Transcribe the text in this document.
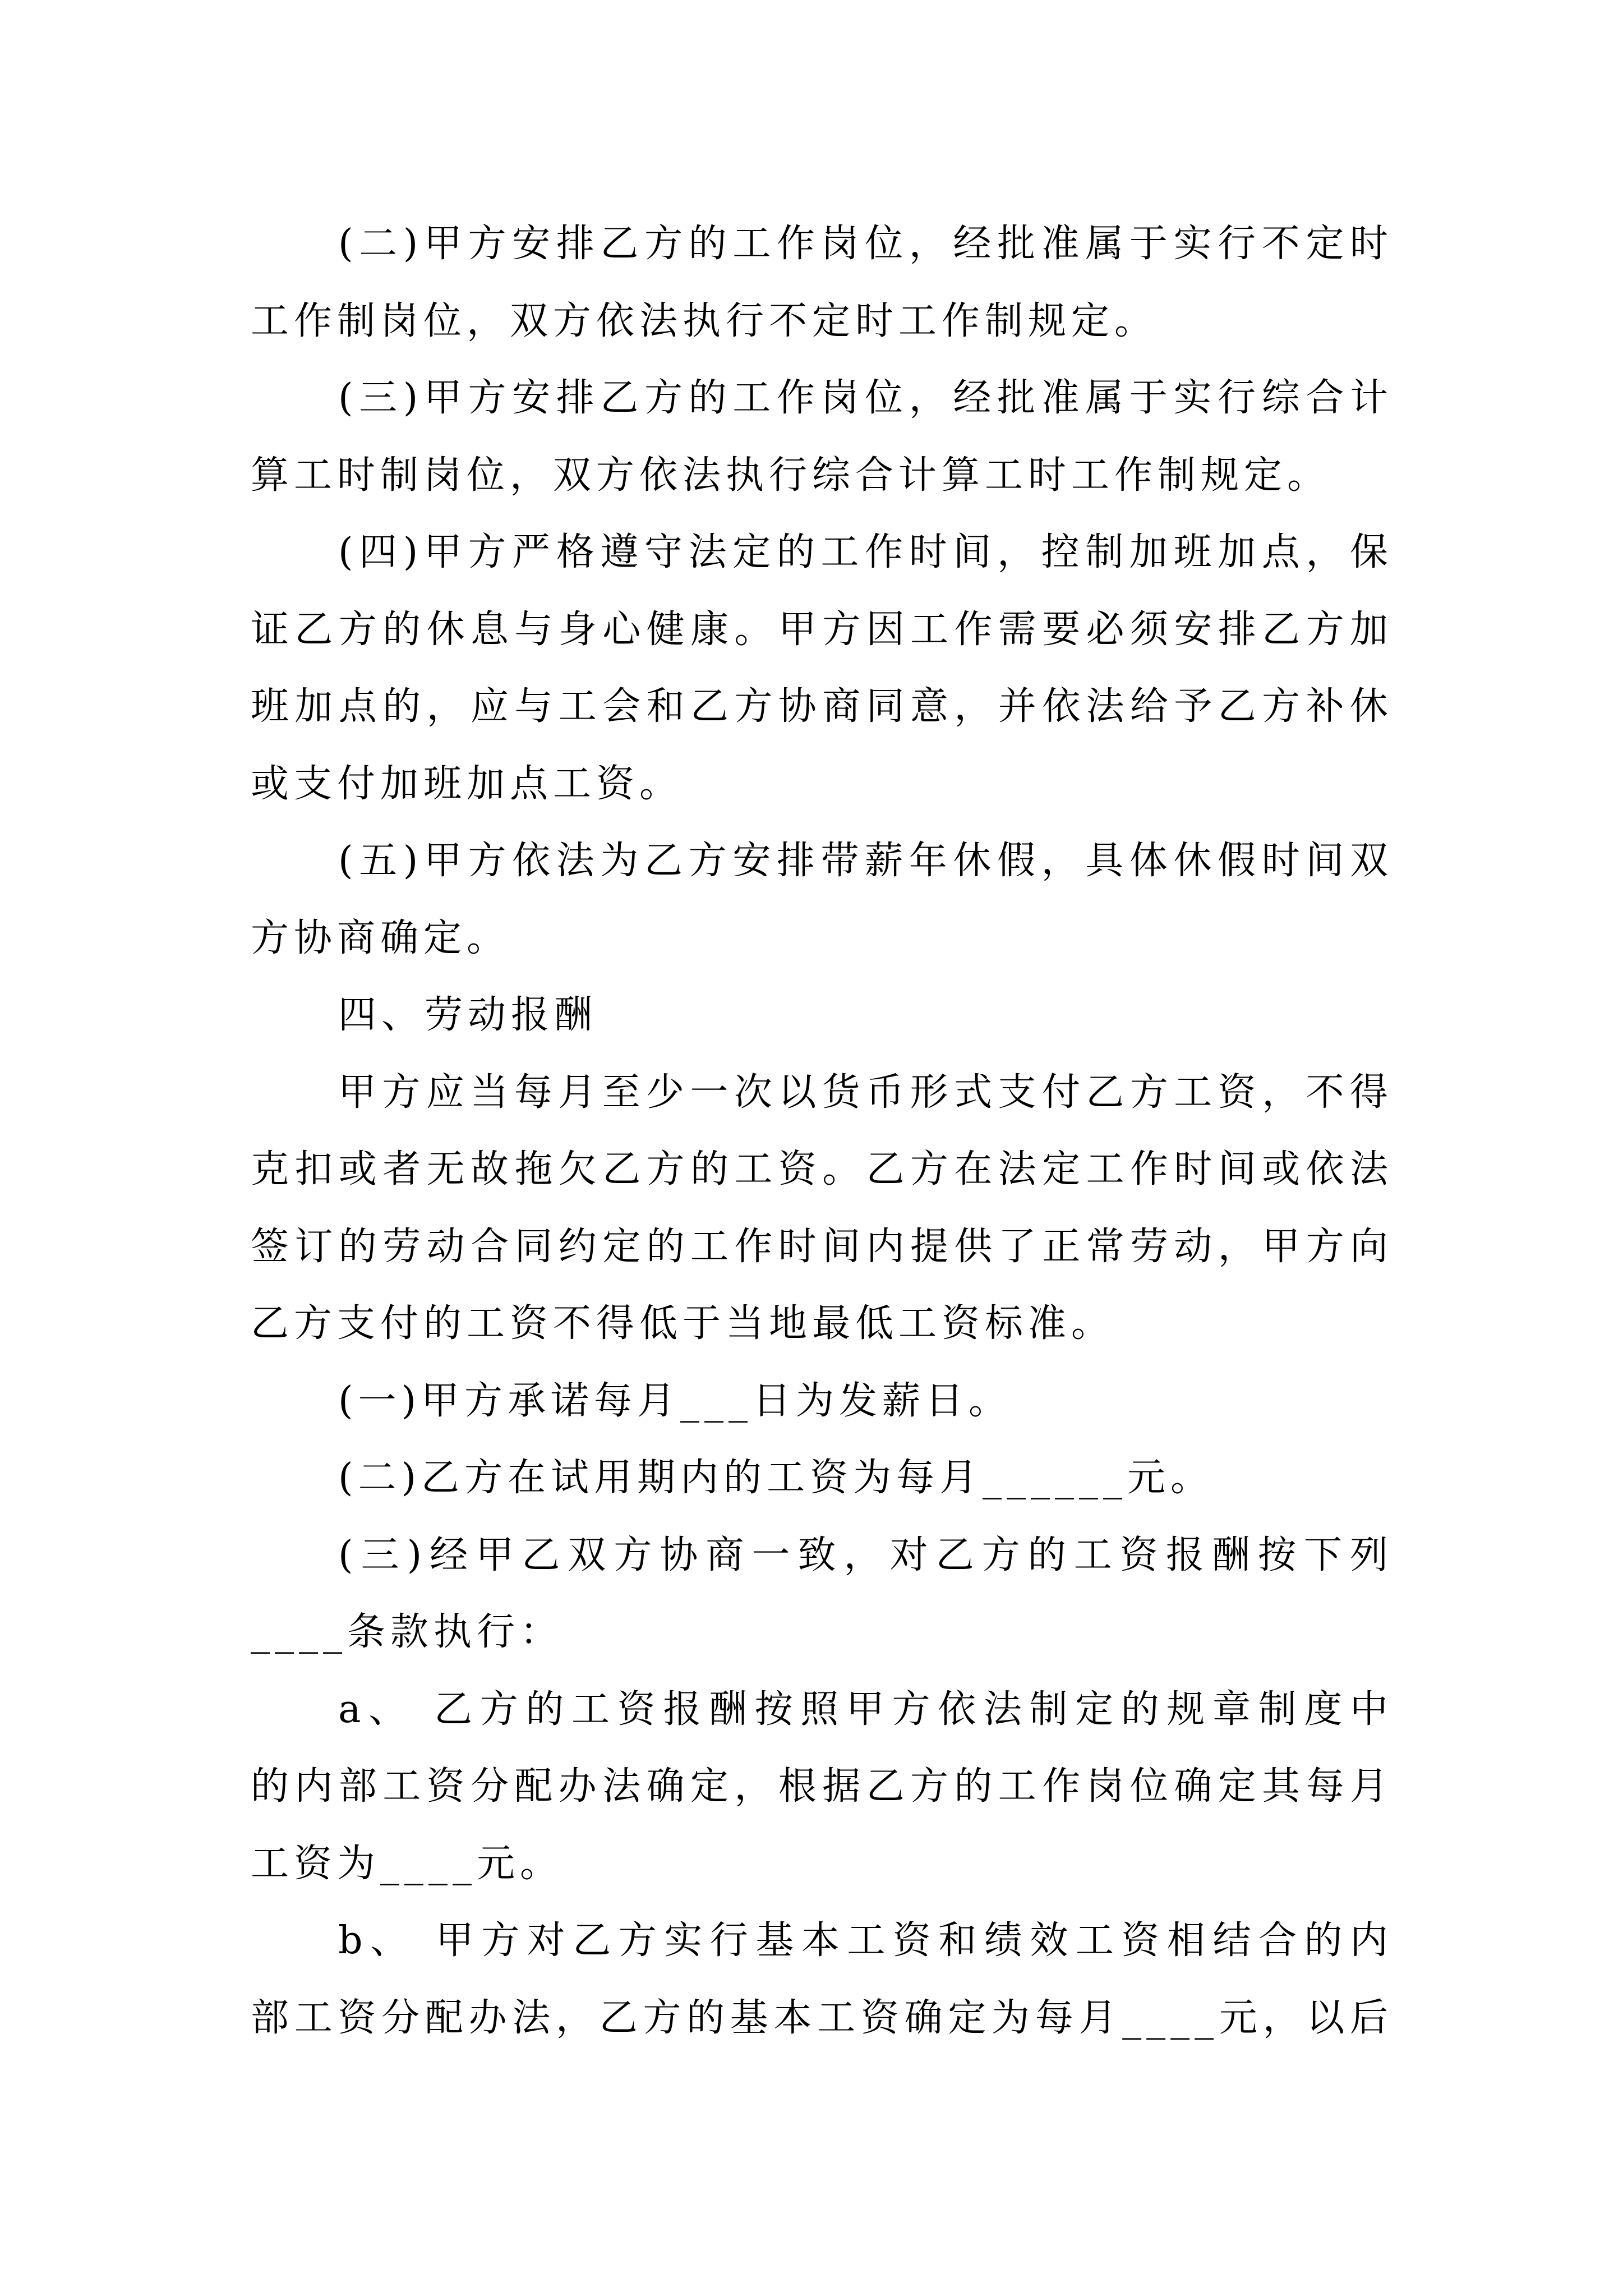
(二)甲方安排乙方的工作岗位，经批准属于实行不定时
工作制岗位，双方依法执行不定时工作制规定。
(三)甲方安排乙方的工作岗位，经批准属于实行综合计
算工时制岗位，双方依法执行综合计算工时工作制规定。
(四)甲方严格遵守法定的工作时间，控制加班加点，保
证乙方的休息与身心健康。甲方因工作需要必须安排乙方加
班加点的，应与工会和乙方协商同意，并依法给予乙方补休
或支付加班加点工资。
(五)甲方依法为乙方安排带薪年休假，具体休假时间双
方协商确定。
四、劳动报酬
甲方应当每月至少一次以货币形式支付乙方工资，不得
克扣或者无故拖欠乙方的工资。乙方在法定工作时间或依法
签订的劳动合同约定的工作时间内提供了正常劳动，甲方向
乙方支付的工资不得低于当地最低工资标准。
(一)甲方承诺每月___日为发薪日。
(二)乙方在试用期内的工资为每月______元。
(三)经甲乙双方协商一致，对乙方的工资报酬按下列
____条款执行：
a、 乙方的工资报酬按照甲方依法制定的规章制度中
的内部工资分配办法确定，根据乙方的工作岗位确定其每月
工资为____元。
b、 甲方对乙方实行基本工资和绩效工资相结合的内
部工资分配办法，乙方的基本工资确定为每月____元，以后
